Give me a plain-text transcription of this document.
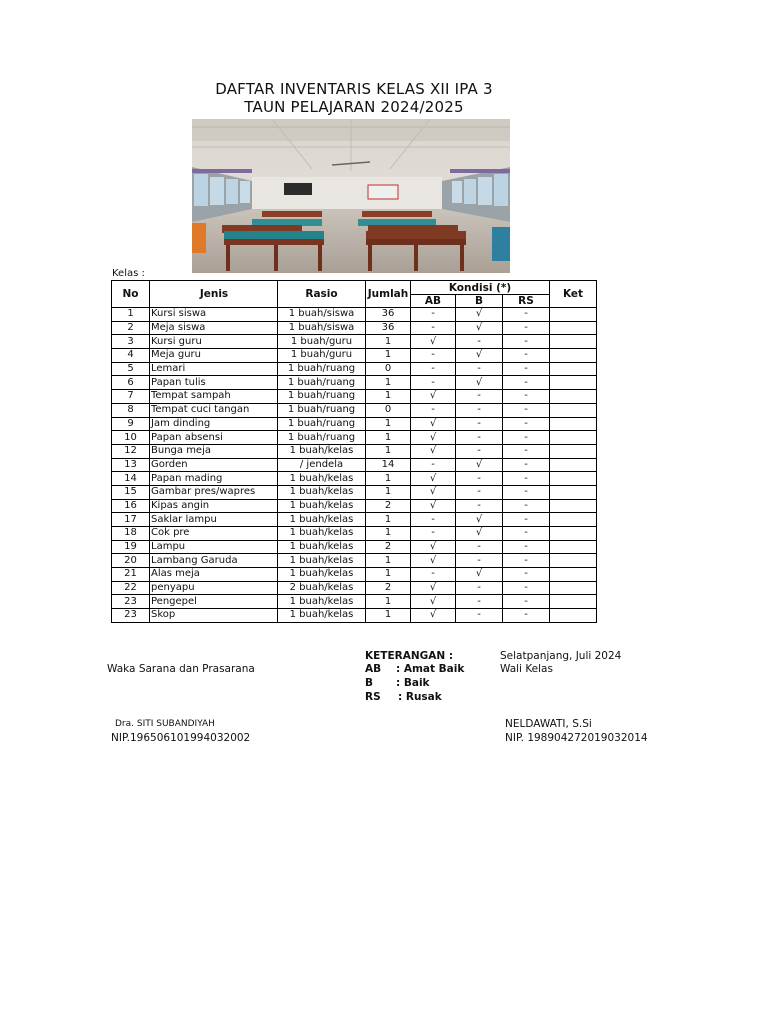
DAFTAR INVENTARIS KELAS XII IPA 3
TAUN PELAJARAN 2024/2025
Kelas :
No	Jenis	Rasio	Jumlah	Kondisi (*)			Ket
				AB	B	RS	
1	Kursi siswa	1 buah/siswa	36	-	√	-	
2	Meja siswa	1 buah/siswa	36	-	√	-	
3	Kursi guru	1 buah/guru	1	√	-	-	
4	Meja guru	1 buah/guru	1	-	√	-	
5	Lemari	1 buah/ruang	0	-	-	-	
6	Papan tulis	1 buah/ruang	1	-	√	-	
7	Tempat sampah	1 buah/ruang	1	√	-	-	
8	Tempat cuci tangan	1 buah/ruang	0	-	-	-	
9	Jam dinding	1 buah/ruang	1	√	-	-	
10	Papan absensi	1 buah/ruang	1	√	-	-	
12	Bunga meja	1 buah/kelas	1	√	-	-	
13	Gorden	/ jendela	14	-	√	-	
14	Papan mading	1 buah/kelas	1	√	-	-	
15	Gambar pres/wapres	1 buah/kelas	1	√	-	-	
16	Kipas angin	1 buah/kelas	2	√	-	-	
17	Saklar lampu	1 buah/kelas	1	-	√	-	
18	Cok pre	1 buah/kelas	1	-	√	-	
19	Lampu	1 buah/kelas	2	√	-	-	
20	Lambang Garuda	1 buah/kelas	1	√	-	-	
21	Alas meja	1 buah/kelas	1	-	√	-	
22	penyapu	2 buah/kelas	2	√	-	-	
23	Pengepel	1 buah/kelas	1	√	-	-	
23	Skop	1 buah/kelas	1	√	-	-	
KETERANGAN :	Selatpanjang, Juli 2024
Waka Sarana dan Prasarana	AB : Amat Baik	Wali Kelas
B : Baik
RS : Rusak
Dra. SITI SUBANDIYAH	NELDAWATI, S.Si
NIP.196506101994032002	NIP. 198904272019032014
